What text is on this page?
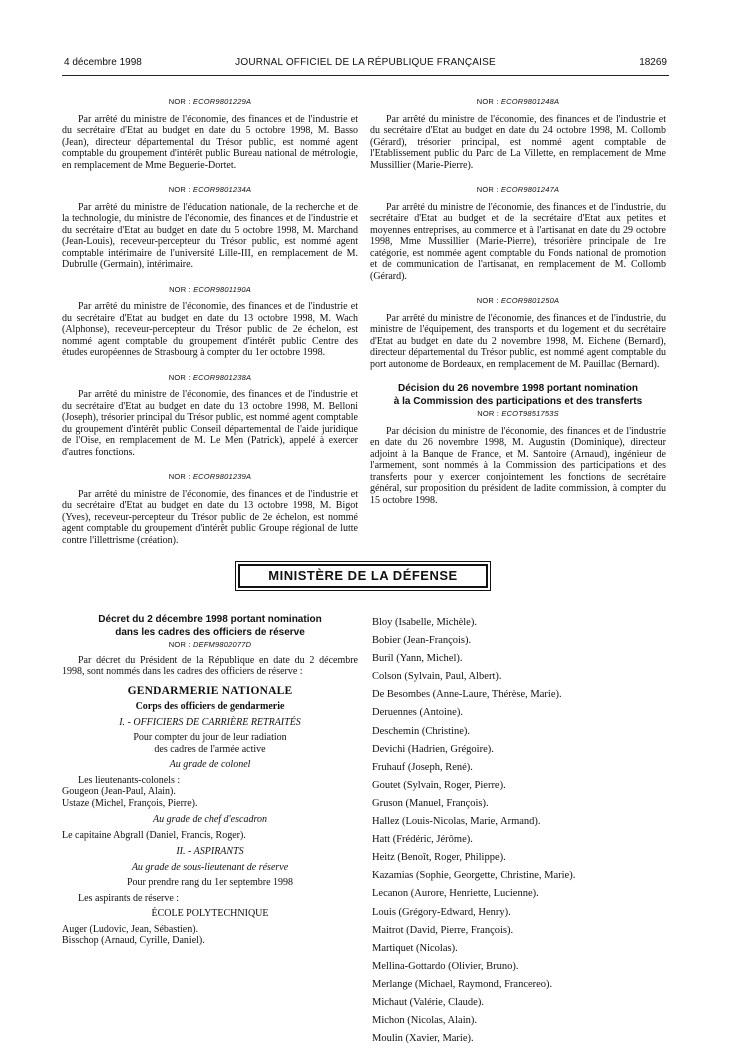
4 décembre 1998	JOURNAL OFFICIEL DE LA RÉPUBLIQUE FRANÇAISE	18269
NOR : ECOR9801229A
Par arrêté du ministre de l'économie, des finances et de l'industrie et du secrétaire d'Etat au budget en date du 5 octobre 1998, M. Basso (Jean), directeur départemental du Trésor public, est nommé agent comptable du groupement d'intérêt public Bureau national de métrologie, en remplacement de Mme Beguerie-Dortet.
NOR : ECOR9801234A
Par arrêté du ministre de l'éducation nationale, de la recherche et de la technologie, du ministre de l'économie, des finances et de l'industrie et du secrétaire d'Etat au budget en date du 5 octobre 1998, M. Marchand (Jean-Louis), receveur-percepteur du Trésor public, est nommé agent comptable intérimaire de l'université Lille-III, en remplacement de M. Dubrulle (Germain), intérimaire.
NOR : ECOR9801190A
Par arrêté du ministre de l'économie, des finances et de l'industrie et du secrétaire d'Etat au budget en date du 13 octobre 1998, M. Wach (Alphonse), receveur-percepteur du Trésor public de 2e échelon, est nommé agent comptable du groupement d'intérêt public Centre des études européennes de Strasbourg à compter du 1er octobre 1998.
NOR : ECOR9801238A
Par arrêté du ministre de l'économie, des finances et de l'industrie et du secrétaire d'Etat au budget en date du 13 octobre 1998, M. Belloni (Joseph), trésorier principal du Trésor public, est nommé agent comptable du groupement d'intérêt public Conseil départemental de l'aide juridique de l'Oise, en remplacement de M. Le Men (Patrick), appelé à exercer d'autres fonctions.
NOR : ECOR9801239A
Par arrêté du ministre de l'économie, des finances et de l'industrie et du secrétaire d'Etat au budget en date du 13 octobre 1998, M. Bigot (Yves), receveur-percepteur du Trésor public de 2e échelon, est nommé agent comptable du groupement d'intérêt public Groupe régional de lutte contre l'illettrisme (création).
NOR : ECOR9801248A
Par arrêté du ministre de l'économie, des finances et de l'industrie et du secrétaire d'Etat au budget en date du 24 octobre 1998, M. Collomb (Gérard), trésorier principal, est nommé agent comptable de l'Etablissement public du Parc de La Villette, en remplacement de Mme Mussillier (Marie-Pierre).
NOR : ECOR9801247A
Par arrêté du ministre de l'économie, des finances et de l'industrie, du secrétaire d'Etat au budget et de la secrétaire d'Etat aux petites et moyennes entreprises, au commerce et à l'artisanat en date du 29 octobre 1998, Mme Mussillier (Marie-Pierre), trésorière principale de 1re catégorie, est nommée agent comptable du Fonds national de promotion et de communication de l'artisanat, en remplacement de M. Collomb (Gérard).
NOR : ECOR9801250A
Par arrêté du ministre de l'économie, des finances et de l'industrie, du ministre de l'équipement, des transports et du logement et du secrétaire d'Etat au budget en date du 2 novembre 1998, M. Eichene (Bernard), directeur départemental du Trésor public, est nommé agent comptable du port autonome de Bordeaux, en remplacement de M. Pauillac (Bernard).
Décision du 26 novembre 1998 portant nomination
à la Commission des participations et des transferts
NOR : ECOT9851753S
Par décision du ministre de l'économie, des finances et de l'industrie en date du 26 novembre 1998, M. Augustin (Dominique), directeur adjoint à la Banque de France, et M. Santoire (Arnaud), ingénieur de l'armement, sont nommés à la Commission des participations et des transferts pour y exercer conjointement les fonctions de secrétaire général, sur proposition du président de ladite commission, à compter du 15 octobre 1998.
MINISTÈRE DE LA DÉFENSE
Décret du 2 décembre 1998 portant nomination
dans les cadres des officiers de réserve
NOR : DEFM9802077D
Par décret du Président de la République en date du 2 décembre 1998, sont nommés dans les cadres des officiers de réserve :
GENDARMERIE NATIONALE
Corps des officiers de gendarmerie
I. - OFFICIERS DE CARRIÈRE RETRAITÉS
Pour compter du jour de leur radiation
des cadres de l'armée active
Au grade de colonel
Les lieutenants-colonels :
Gougeon (Jean-Paul, Alain).
Ustaze (Michel, François, Pierre).
Au grade de chef d'escadron
Le capitaine Abgrall (Daniel, Francis, Roger).
II. - ASPIRANTS
Au grade de sous-lieutenant de réserve
Pour prendre rang du 1er septembre 1998
Les aspirants de réserve :
ÉCOLE POLYTECHNIQUE
Auger (Ludovic, Jean, Sébastien).
Bisschop (Arnaud, Cyrille, Daniel).
Bloy (Isabelle, Michèle).
Bobier (Jean-François).
Buril (Yann, Michel).
Colson (Sylvain, Paul, Albert).
De Besombes (Anne-Laure, Thérèse, Marie).
Deruennes (Antoine).
Deschemin (Christine).
Devichi (Hadrien, Grégoire).
Fruhauf (Joseph, René).
Goutet (Sylvain, Roger, Pierre).
Gruson (Manuel, François).
Hallez (Louis-Nicolas, Marie, Armand).
Hatt (Frédéric, Jérôme).
Heitz (Benoît, Roger, Philippe).
Kazamias (Sophie, Georgette, Christine, Marie).
Lecanon (Aurore, Henriette, Lucienne).
Louis (Grégory-Edward, Henry).
Maitrot (David, Pierre, François).
Martiquet (Nicolas).
Mellina-Gottardo (Olivier, Bruno).
Merlange (Michael, Raymond, Francereo).
Michaut (Valérie, Claude).
Michon (Nicolas, Alain).
Moulin (Xavier, Marie).
